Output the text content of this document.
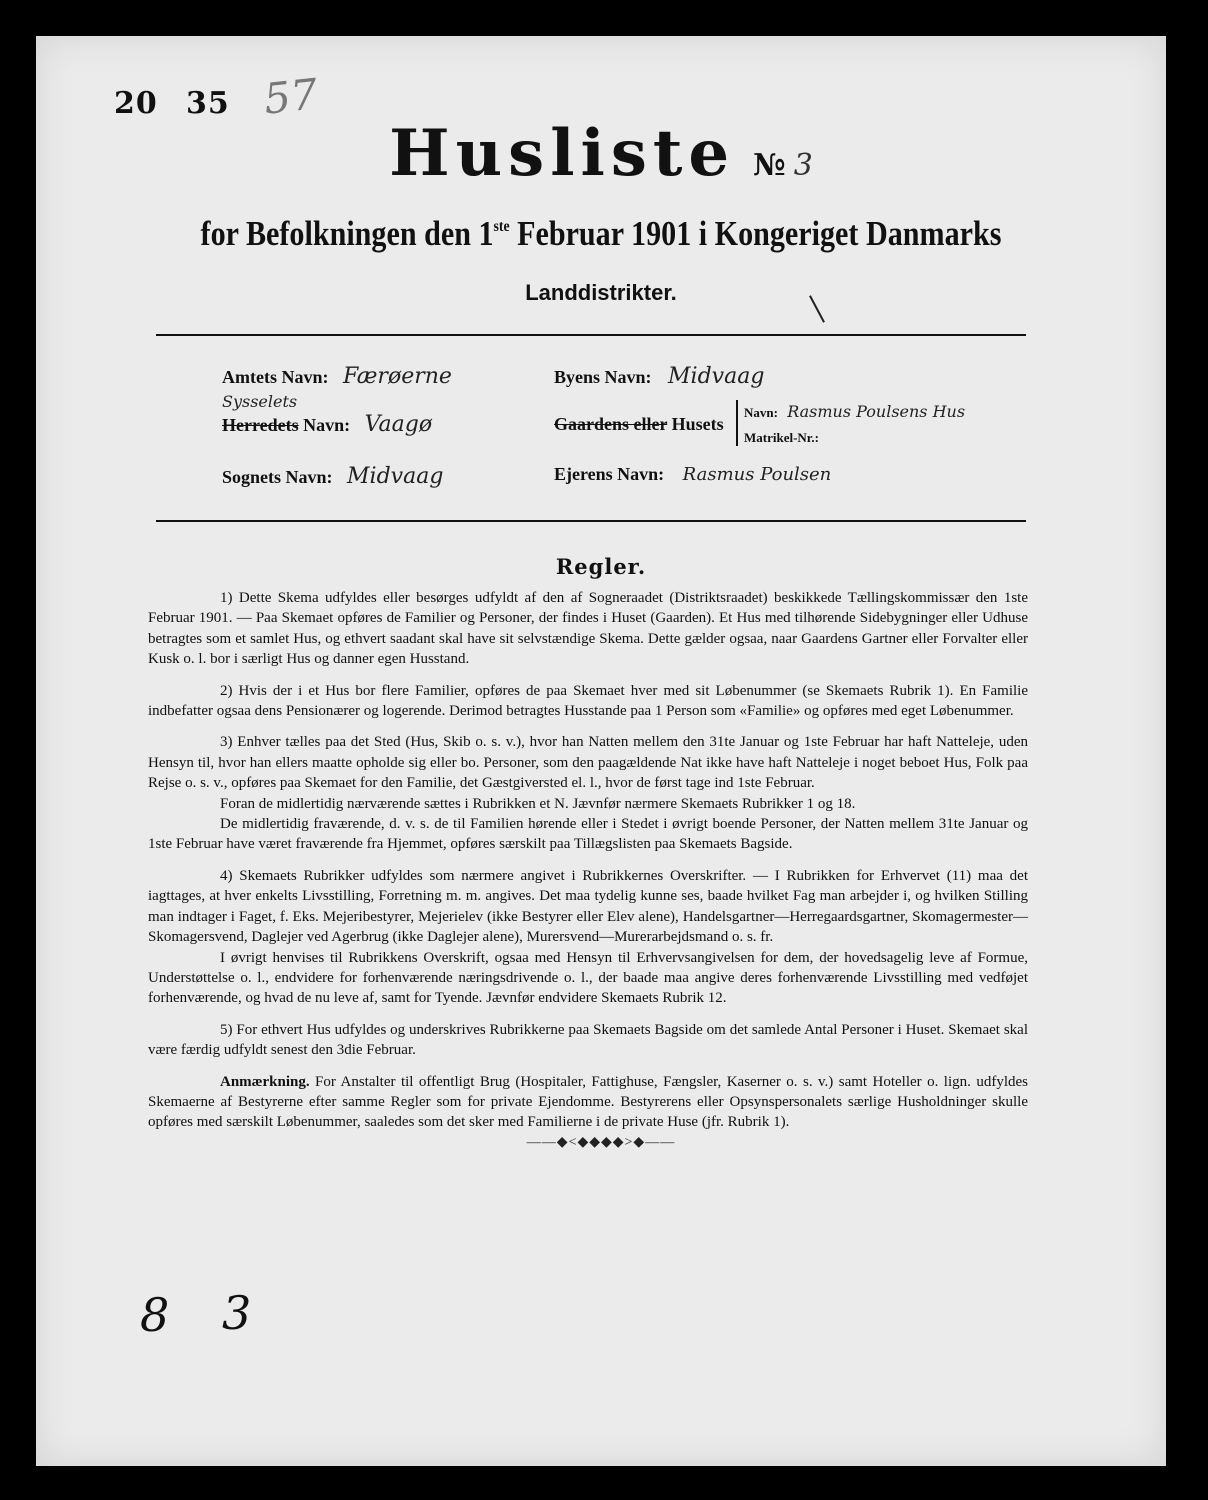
20 35 57
Husliste № 3
for Befolkningen den 1ste Februar 1901 i Kongeriget Danmarks
Landdistrikter.
Amtets Navn: Færøerne
Sysselets
Herredets Navn: Vaagø
Sognets Navn: Midvaag
Byens Navn: Midvaag
Gaardens eller Husets
Navn: Rasmus Poulsens Hus
Matrikel-Nr.:
Ejerens Navn: Rasmus Poulsen
Regler.

1) Dette Skema udfyldes eller besørges udfyldt af den af Sogneraadet (Distriktsraadet) beskikkede Tællingskommissær den 1ste Februar 1901. — Paa Skemaet opføres de Familier og Personer, der findes i Huset (Gaarden). Et Hus med tilhørende Sidebygninger eller Udhuse betragtes som et samlet Hus, og ethvert saadant skal have sit selvstændige Skema. Dette gælder ogsaa, naar Gaardens Gartner eller Forvalter eller Kusk o. l. bor i særligt Hus og danner egen Husstand.

2) Hvis der i et Hus bor flere Familier, opføres de paa Skemaet hver med sit Løbenummer (se Skemaets Rubrik 1). En Familie indbefatter ogsaa dens Pensionærer og logerende. Derimod betragtes Husstande paa 1 Person som «Familie» og opføres med eget Løbenummer.

3) Enhver tælles paa det Sted (Hus, Skib o. s. v.), hvor han Natten mellem den 31te Januar og 1ste Februar har haft Natteleje, uden Hensyn til, hvor han ellers maatte opholde sig eller bo. Personer, som den paagældende Nat ikke have haft Natteleje i noget beboet Hus, Folk paa Rejse o. s. v., opføres paa Skemaet for den Familie, det Gæstgiversted el. l., hvor de først tage ind 1ste Februar.

Foran de midlertidig nærværende sættes i Rubrikken et N. Jævnfør nærmere Skemaets Rubrikker 1 og 18.

De midlertidig fraværende, d. v. s. de til Familien hørende eller i Stedet i øvrigt boende Personer, der Natten mellem 31te Januar og 1ste Februar have været fraværende fra Hjemmet, opføres særskilt paa Tillægslisten paa Skemaets Bagside.

4) Skemaets Rubrikker udfyldes som nærmere angivet i Rubrikkernes Overskrifter. — I Rubrikken for Erhvervet (11) maa det iagttages, at hver enkelts Livsstilling, Forretning m. m. angives. Det maa tydelig kunne ses, baade hvilket Fag man arbejder i, og hvilken Stilling man indtager i Faget, f. Eks. Mejeribestyrer, Mejerielev (ikke Bestyrer eller Elev alene), Handelsgartner—Herregaardsgartner, Skomagermester—Skomagersvend, Daglejer ved Agerbrug (ikke Daglejer alene), Murersvend—Murerarbejdsmand o. s. fr.

I øvrigt henvises til Rubrikkens Overskrift, ogsaa med Hensyn til Erhvervsangivelsen for dem, der hovedsagelig leve af Formue, Understøttelse o. l., endvidere for forhenværende næringsdrivende o. l., der baade maa angive deres forhenværende Livsstilling med vedføjet forhenværende, og hvad de nu leve af, samt for Tyende. Jævnfør endvidere Skemaets Rubrik 12.

5) For ethvert Hus udfyldes og underskrives Rubrikkerne paa Skemaets Bagside om det samlede Antal Personer i Huset. Skemaet skal være færdig udfyldt senest den 3die Februar.

Anmærkning. For Anstalter til offentligt Brug (Hospitaler, Fattighuse, Fængsler, Kaserner o. s. v.) samt Hoteller o. lign. udfyldes Skemaerne af Bestyrerne efter samme Regler som for private Ejendomme. Bestyrerens eller Opsynspersonalets særlige Husholdninger skulle opføres med særskilt Løbenummer, saaledes som det sker med Familierne i de private Huse (jfr. Rubrik 1).

——◆<◆◆◆◆>◆——
8 3
